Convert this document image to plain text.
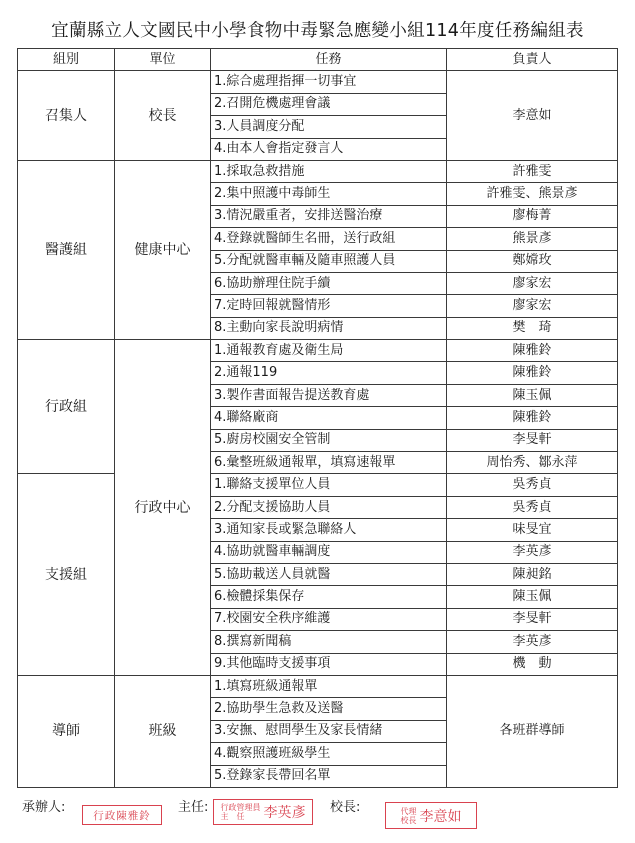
宜蘭縣立人文國民中小學食物中毒緊急應變小組114年度任務編組表
組別	單位	任務	負責人
召集人	校長	1.綜合處理指揮一切事宜	李意如
		2.召開危機處理會議	
		3.人員調度分配	
		4.由本人會指定發言人	
醫護組	健康中心	1.採取急救措施	許雅雯
		2.集中照護中毒師生	許雅雯、熊景彥
		3.情況嚴重者，安排送醫治療	廖梅菁
		4.登錄就醫師生名冊，送行政組	熊景彥
		5.分配就醫車輛及隨車照護人員	鄭嫦玫
		6.協助辦理住院手續	廖家宏
		7.定時回報就醫情形	廖家宏
		8.主動向家長說明病情	樊　琦
行政組	行政中心	1.通報教育處及衛生局	陳雅鈴
		2.通報119	陳雅鈴
		3.製作書面報告提送教育處	陳玉佩
		4.聯絡廠商	陳雅鈴
		5.廚房校園安全管制	李旻軒
		6.彙整班級通報單，填寫速報單	周怡秀、鄒永萍
支援組		1.聯絡支援單位人員	吳秀貞
		2.分配支援協助人員	吳秀貞
		3.通知家長或緊急聯絡人	味旻宜
		4.協助就醫車輛調度	李英彥
		5.協助載送人員就醫	陳昶銘
		6.檢體採集保存	陳玉佩
		7.校園安全秩序維護	李旻軒
		8.撰寫新聞稿	李英彥
		9.其他臨時支援事項	機　動
導師	班級	1.填寫班級通報單	各班群導師
		2.協助學生急救及送醫	
		3.安撫、慰問學生及家長情緒	
		4.觀察照護班級學生	
		5.登錄家長帶回名單	
承辦人:
行政陳雅鈴
主任: 行政管理員
主　任 李英彥 校長:	代理
校長 李意如
